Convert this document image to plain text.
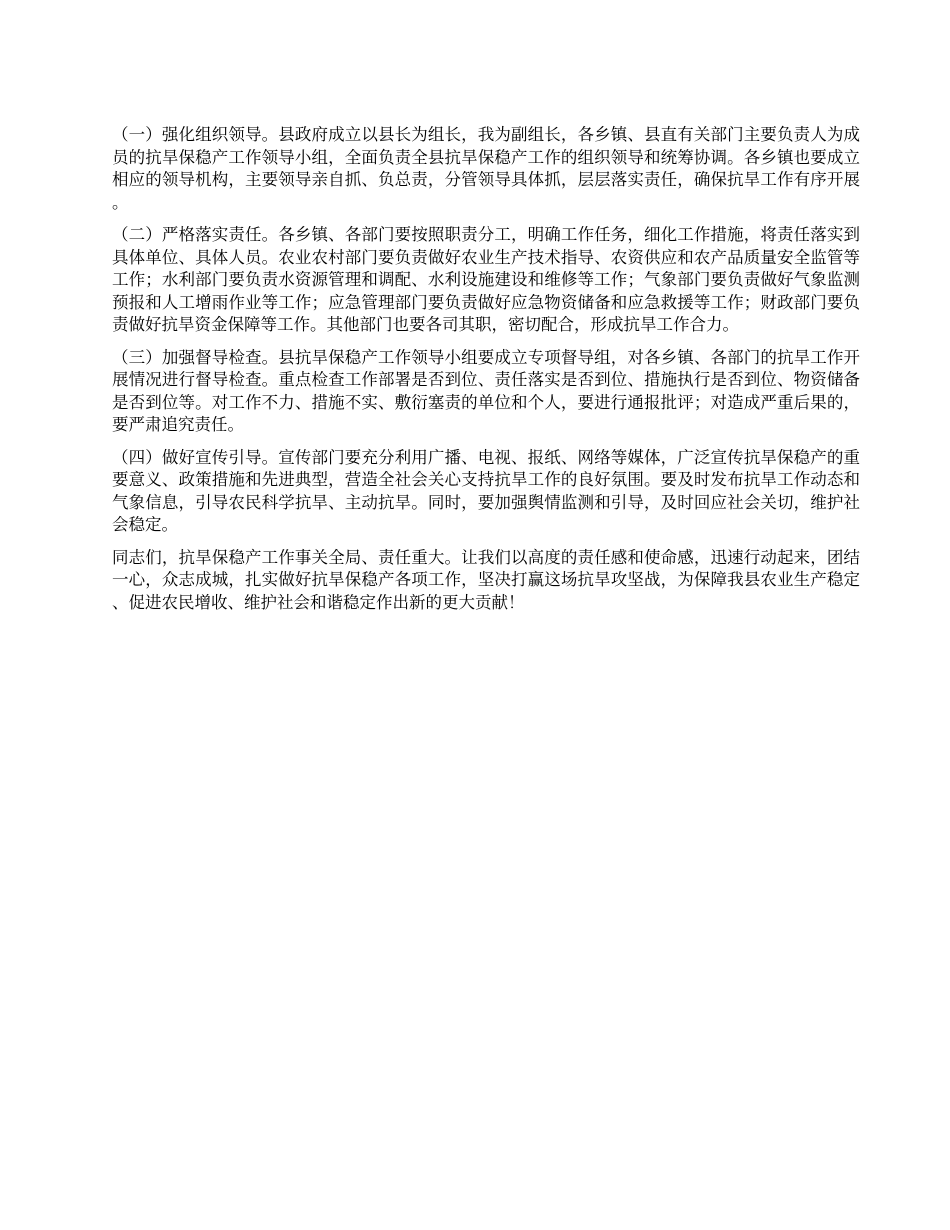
（一）强化组织领导。县政府成立以县长为组长，我为副组长，各乡镇、县直有关部门主要负责人为成员的抗旱保稳产工作领导小组，全面负责全县抗旱保稳产工作的组织领导和统筹协调。各乡镇也要成立相应的领导机构，主要领导亲自抓、负总责，分管领导具体抓，层层落实责任，确保抗旱工作有序开展。

（二）严格落实责任。各乡镇、各部门要按照职责分工，明确工作任务，细化工作措施，将责任落实到具体单位、具体人员。农业农村部门要负责做好农业生产技术指导、农资供应和农产品质量安全监管等工作；水利部门要负责水资源管理和调配、水利设施建设和维修等工作；气象部门要负责做好气象监测预报和人工增雨作业等工作；应急管理部门要负责做好应急物资储备和应急救援等工作；财政部门要负责做好抗旱资金保障等工作。其他部门也要各司其职，密切配合，形成抗旱工作合力。

（三）加强督导检查。县抗旱保稳产工作领导小组要成立专项督导组，对各乡镇、各部门的抗旱工作开展情况进行督导检查。重点检查工作部署是否到位、责任落实是否到位、措施执行是否到位、物资储备是否到位等。对工作不力、措施不实、敷衍塞责的单位和个人，要进行通报批评；对造成严重后果的，要严肃追究责任。

（四）做好宣传引导。宣传部门要充分利用广播、电视、报纸、网络等媒体，广泛宣传抗旱保稳产的重要意义、政策措施和先进典型，营造全社会关心支持抗旱工作的良好氛围。要及时发布抗旱工作动态和气象信息，引导农民科学抗旱、主动抗旱。同时，要加强舆情监测和引导，及时回应社会关切，维护社会稳定。

同志们，抗旱保稳产工作事关全局、责任重大。让我们以高度的责任感和使命感，迅速行动起来，团结一心，众志成城，扎实做好抗旱保稳产各项工作，坚决打赢这场抗旱攻坚战，为保障我县农业生产稳定、促进农民增收、维护社会和谐稳定作出新的更大贡献！
